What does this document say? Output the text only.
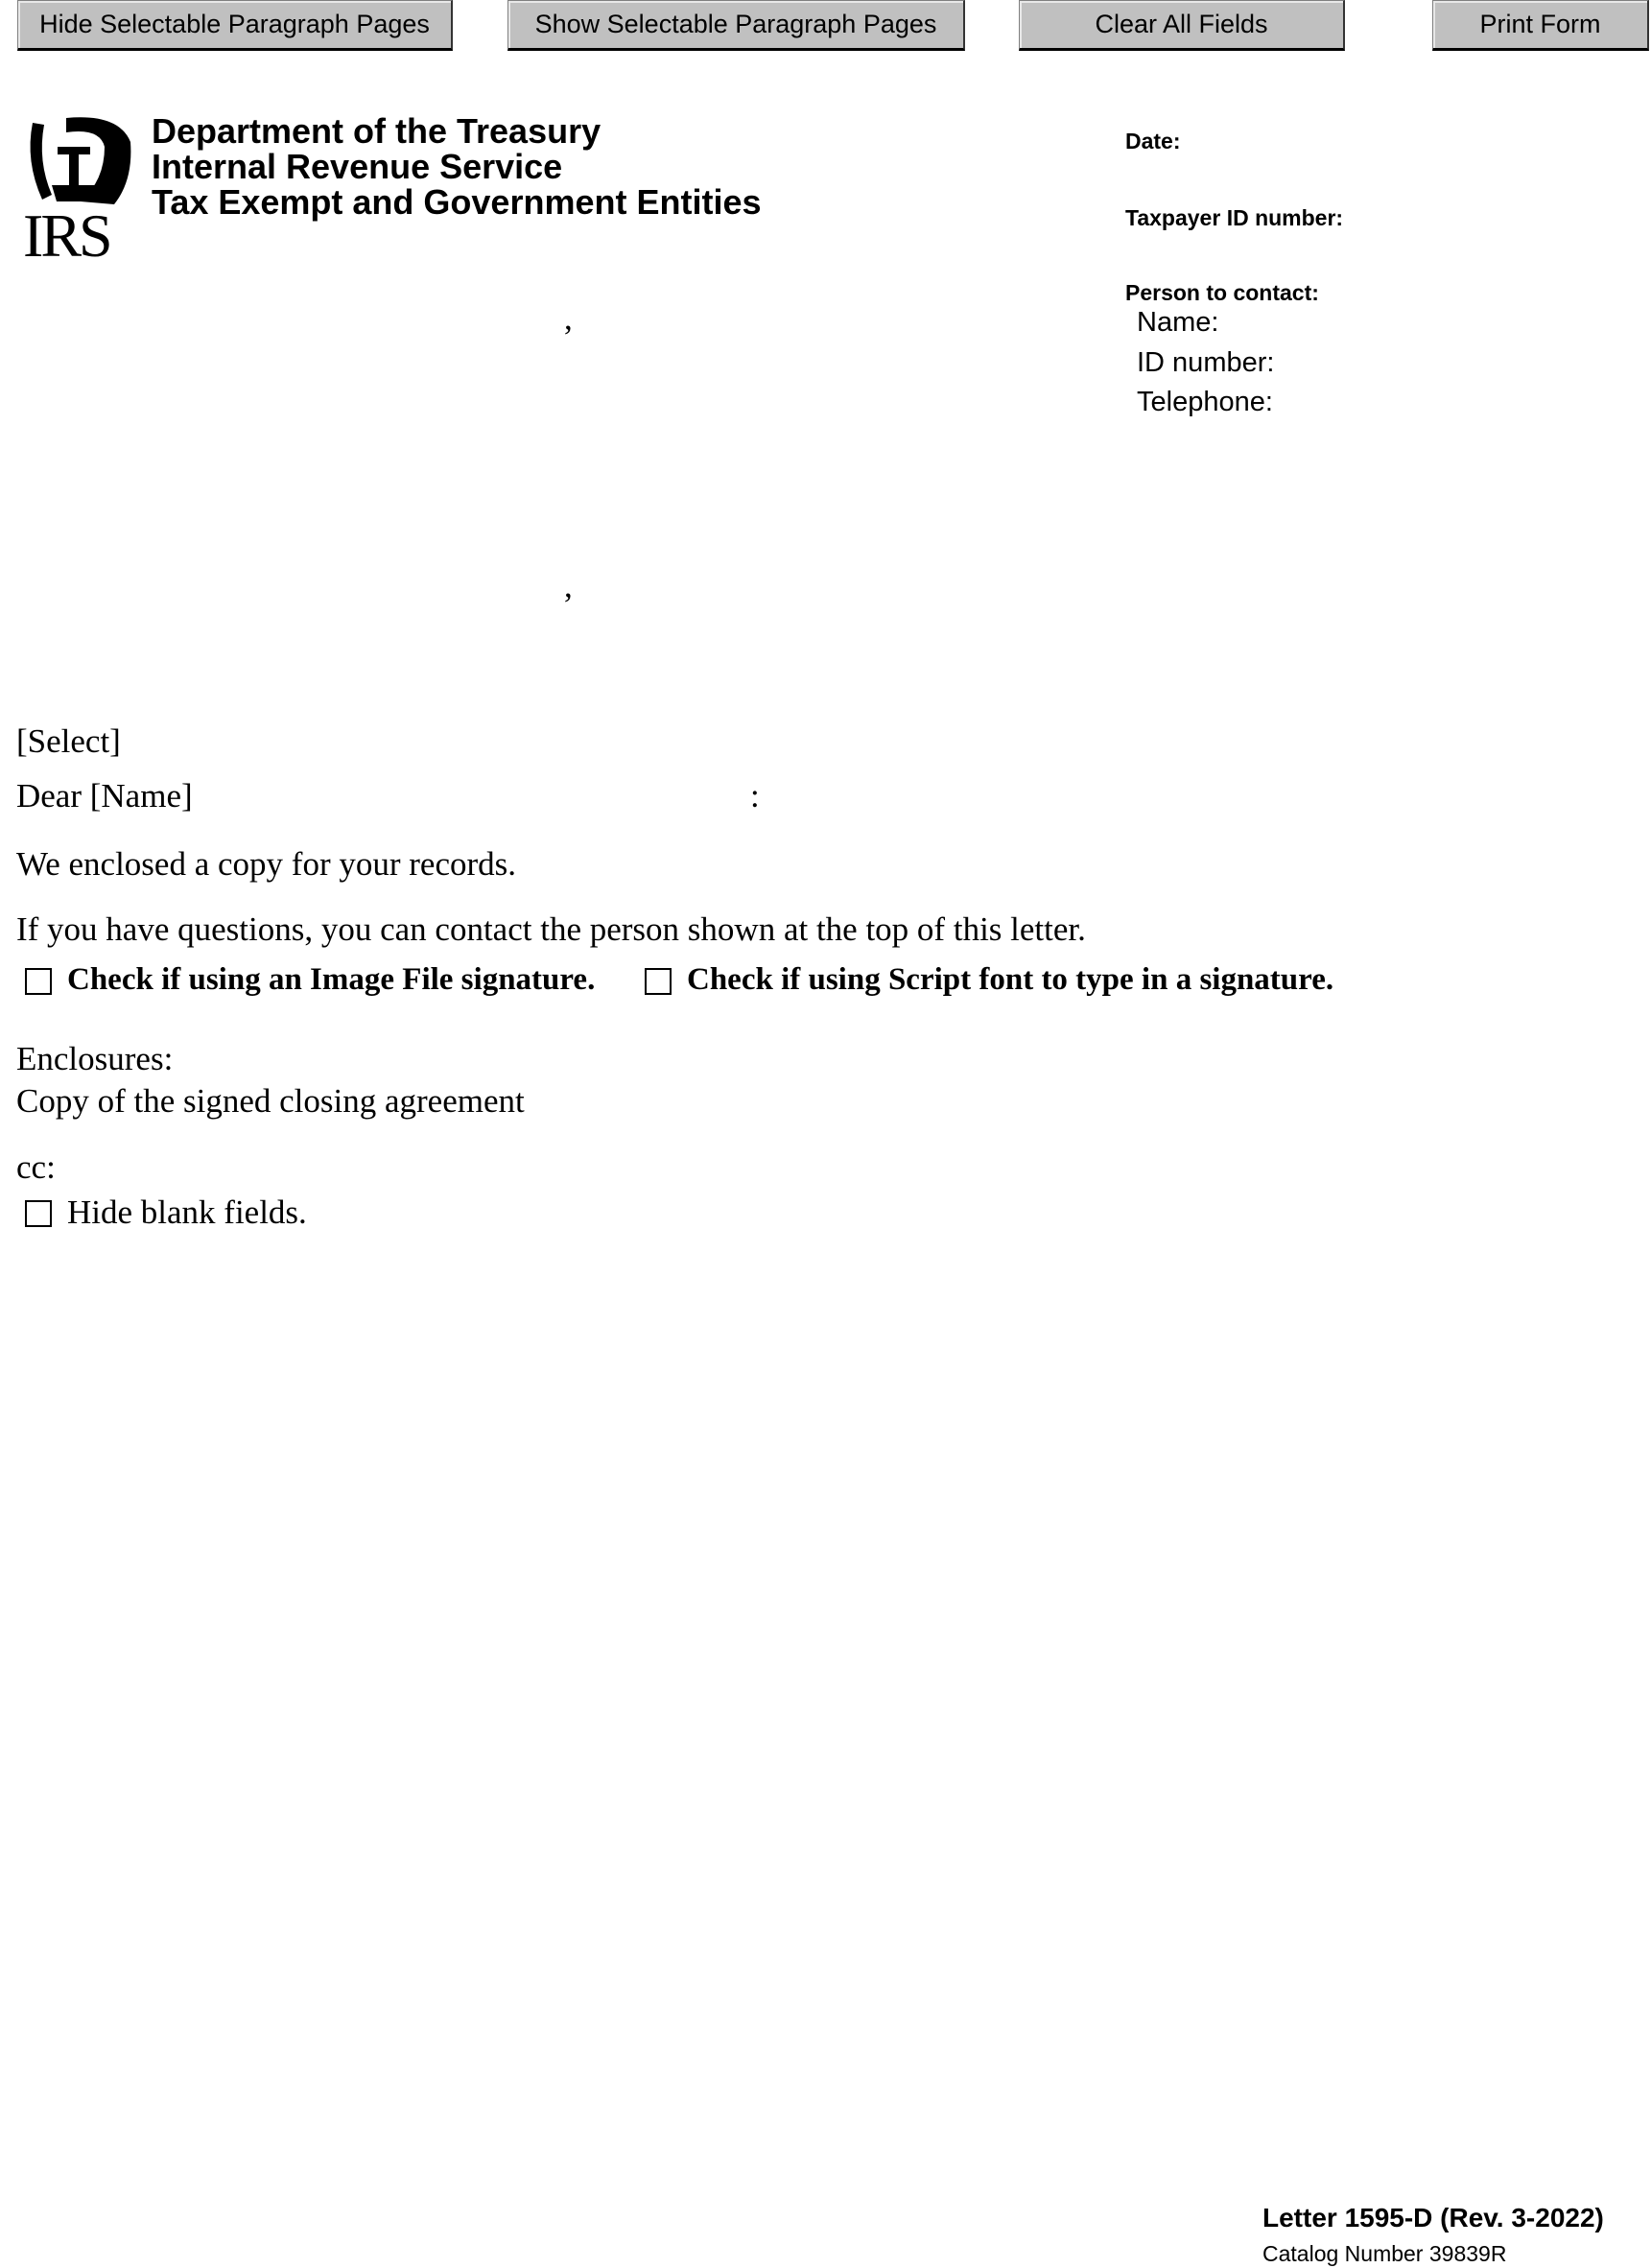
Hide Selectable Paragraph Pages	Show Selectable Paragraph Pages	Clear All Fields	Print Form
IRS
Department of the Treasury
Internal Revenue Service
Tax Exempt and Government Entities
Date:
Taxpayer ID number:
Person to contact:
Name:
ID number:
Telephone:
,
,
[Select]
Dear [Name]	:
We enclosed a copy for your records.
If you have questions, you can contact the person shown at the top of this letter.
Check if using an Image File signature.	Check if using Script font to type in a signature.
Enclosures:
Copy of the signed closing agreement
cc:
Hide blank fields.
Letter 1595-D (Rev. 3-2022)
Catalog Number 39839R
